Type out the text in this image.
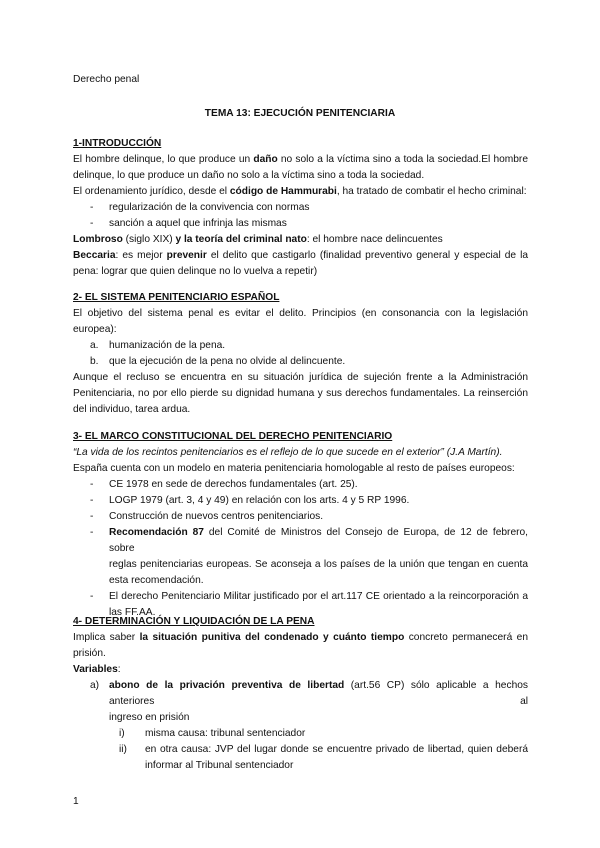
Derecho penal
TEMA 13: EJECUCIÓN PENITENCIARIA
1-INTRODUCCIÓN
El hombre delinque, lo que produce un daño no solo a la víctima sino a toda la sociedad.El hombre
delinque, lo que produce un daño no solo a la víctima sino a toda la sociedad.
El ordenamiento jurídico, desde el código de Hammurabi, ha tratado de combatir el hecho criminal:
- regularización de la convivencia con normas
- sanción a aquel que infrinja las mismas
Lombroso (siglo XIX) y la teoría del criminal nato: el hombre nace delincuentes
Beccaria: es mejor prevenir el delito que castigarlo (finalidad preventivo general y especial de la
pena: lograr que quien delinque no lo vuelva a repetir)
2- EL SISTEMA PENITENCIARIO ESPAÑOL
El objetivo del sistema penal es evitar el delito. Principios (en consonancia con la legislación
europea):
a. humanización de la pena.
b. que la ejecución de la pena no olvide al delincuente.
Aunque el recluso se encuentra en su situación jurídica de sujeción frente a la Administración
Penitenciaria, no por ello pierde su dignidad humana y sus derechos fundamentales. La reinserción
del individuo, tarea ardua.
3- EL MARCO CONSTITUCIONAL DEL DERECHO PENITENCIARIO
“La vida de los recintos penitenciarios es el reflejo de lo que sucede en el exterior” (J.A Martín).
España cuenta con un modelo en materia penitenciaria homologable al resto de países europeos:
- CE 1978 en sede de derechos fundamentales (art. 25).
- LOGP 1979 (art. 3, 4 y 49) en relación con los arts. 4 y 5 RP 1996.
- Construcción de nuevos centros penitenciarios.
- Recomendación 87 del Comité de Ministros del Consejo de Europa, de 12 de febrero, sobre
reglas penitenciarias europeas. Se aconseja a los países de la unión que tengan en cuenta
esta recomendación.
- El derecho Penitenciario Militar justificado por el art.117 CE orientado a la reincorporación a
las FF.AA.
4- DETERMINACIÓN Y LIQUIDACIÓN DE LA PENA
Implica saber la situación punitiva del condenado y cuánto tiempo concreto permanecerá en
prisión.
Variables:
a) abono de la privación preventiva de libertad (art.56 CP) sólo aplicable a hechos anteriores al
ingreso en prisión
i) misma causa: tribunal sentenciador
ii) en otra causa: JVP del lugar donde se encuentre privado de libertad, quien deberá
informar al Tribunal sentenciador
1
